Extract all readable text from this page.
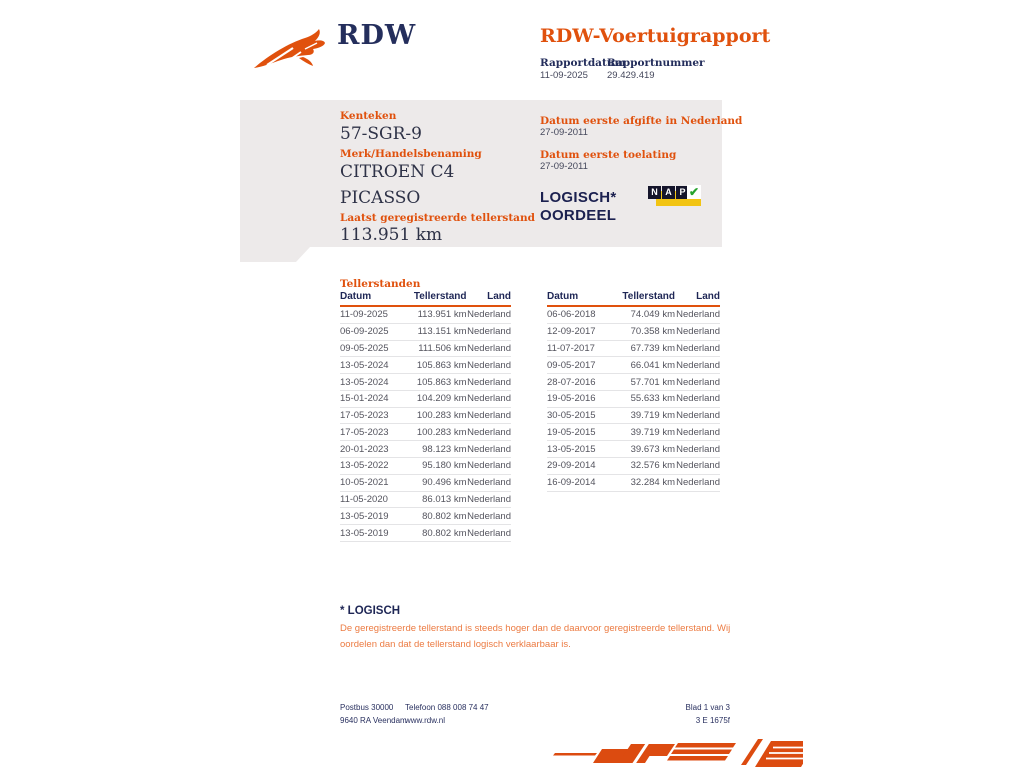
RDW	RDW-Voertuigrapport
Rapportdatum
11-09-2025
Rapportnummer
29.429.419
Kenteken
57-SGR-9
Merk/Handelsbenaming
CITROEN C4
PICASSO
Laatst geregistreerde tellerstand
113.951 km
Datum eerste afgifte in Nederland
27-09-2011
Datum eerste toelating
27-09-2011
LOGISCH*
OORDEEL
N A P ✔
Tellerstanden
Datum	Tellerstand	Land
11-09-2025	113.951 km	Nederland
06-09-2025	113.151 km	Nederland
09-05-2025	111.506 km	Nederland
13-05-2024	105.863 km	Nederland
13-05-2024	105.863 km	Nederland
15-01-2024	104.209 km	Nederland
17-05-2023	100.283 km	Nederland
17-05-2023	100.283 km	Nederland
20-01-2023	98.123 km	Nederland
13-05-2022	95.180 km	Nederland
10-05-2021	90.496 km	Nederland
11-05-2020	86.013 km	Nederland
13-05-2019	80.802 km	Nederland
13-05-2019	80.802 km	Nederland
Datum	Tellerstand	Land
06-06-2018	74.049 km	Nederland
12-09-2017	70.358 km	Nederland
11-07-2017	67.739 km	Nederland
09-05-2017	66.041 km	Nederland
28-07-2016	57.701 km	Nederland
19-05-2016	55.633 km	Nederland
30-05-2015	39.719 km	Nederland
19-05-2015	39.719 km	Nederland
13-05-2015	39.673 km	Nederland
29-09-2014	32.576 km	Nederland
16-09-2014	32.284 km	Nederland
* LOGISCH
De geregistreerde tellerstand is steeds hoger dan de daarvoor geregistreerde tellerstand. Wij oordelen dan dat de tellerstand logisch verklaarbaar is.
Postbus 30000
9640 RA Veendam
Telefoon 088 008 74 47
www.rdw.nl
Blad 1 van 3
3 E 1675f
